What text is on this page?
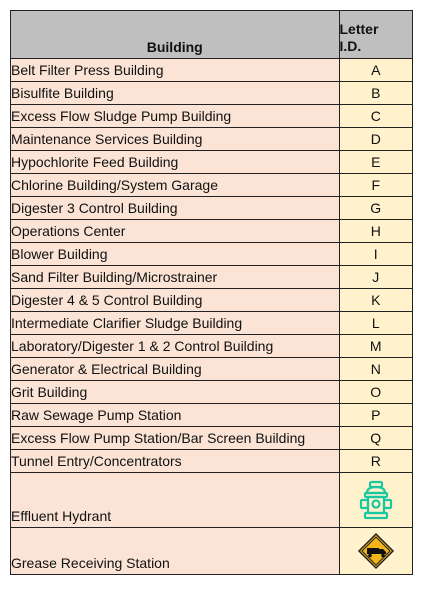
Building	Letter
I.D.
Belt Filter Press Building	A
Bisulfite Building	B
Excess Flow Sludge Pump Building	C
Maintenance Services Building	D
Hypochlorite Feed Building	E
Chlorine Building/System Garage	F
Digester 3 Control Building	G
Operations Center	H
Blower Building	I
Sand Filter Building/Microstrainer	J
Digester 4 & 5 Control Building	K
Intermediate Clarifier Sludge Building	L
Laboratory/Digester 1 & 2 Control Building	M
Generator & Electrical Building	N
Grit Building	O
Raw Sewage Pump Station	P
Excess Flow Pump Station/Bar Screen Building	Q
Tunnel Entry/Concentrators	R
Effluent Hydrant	
Grease Receiving Station	
